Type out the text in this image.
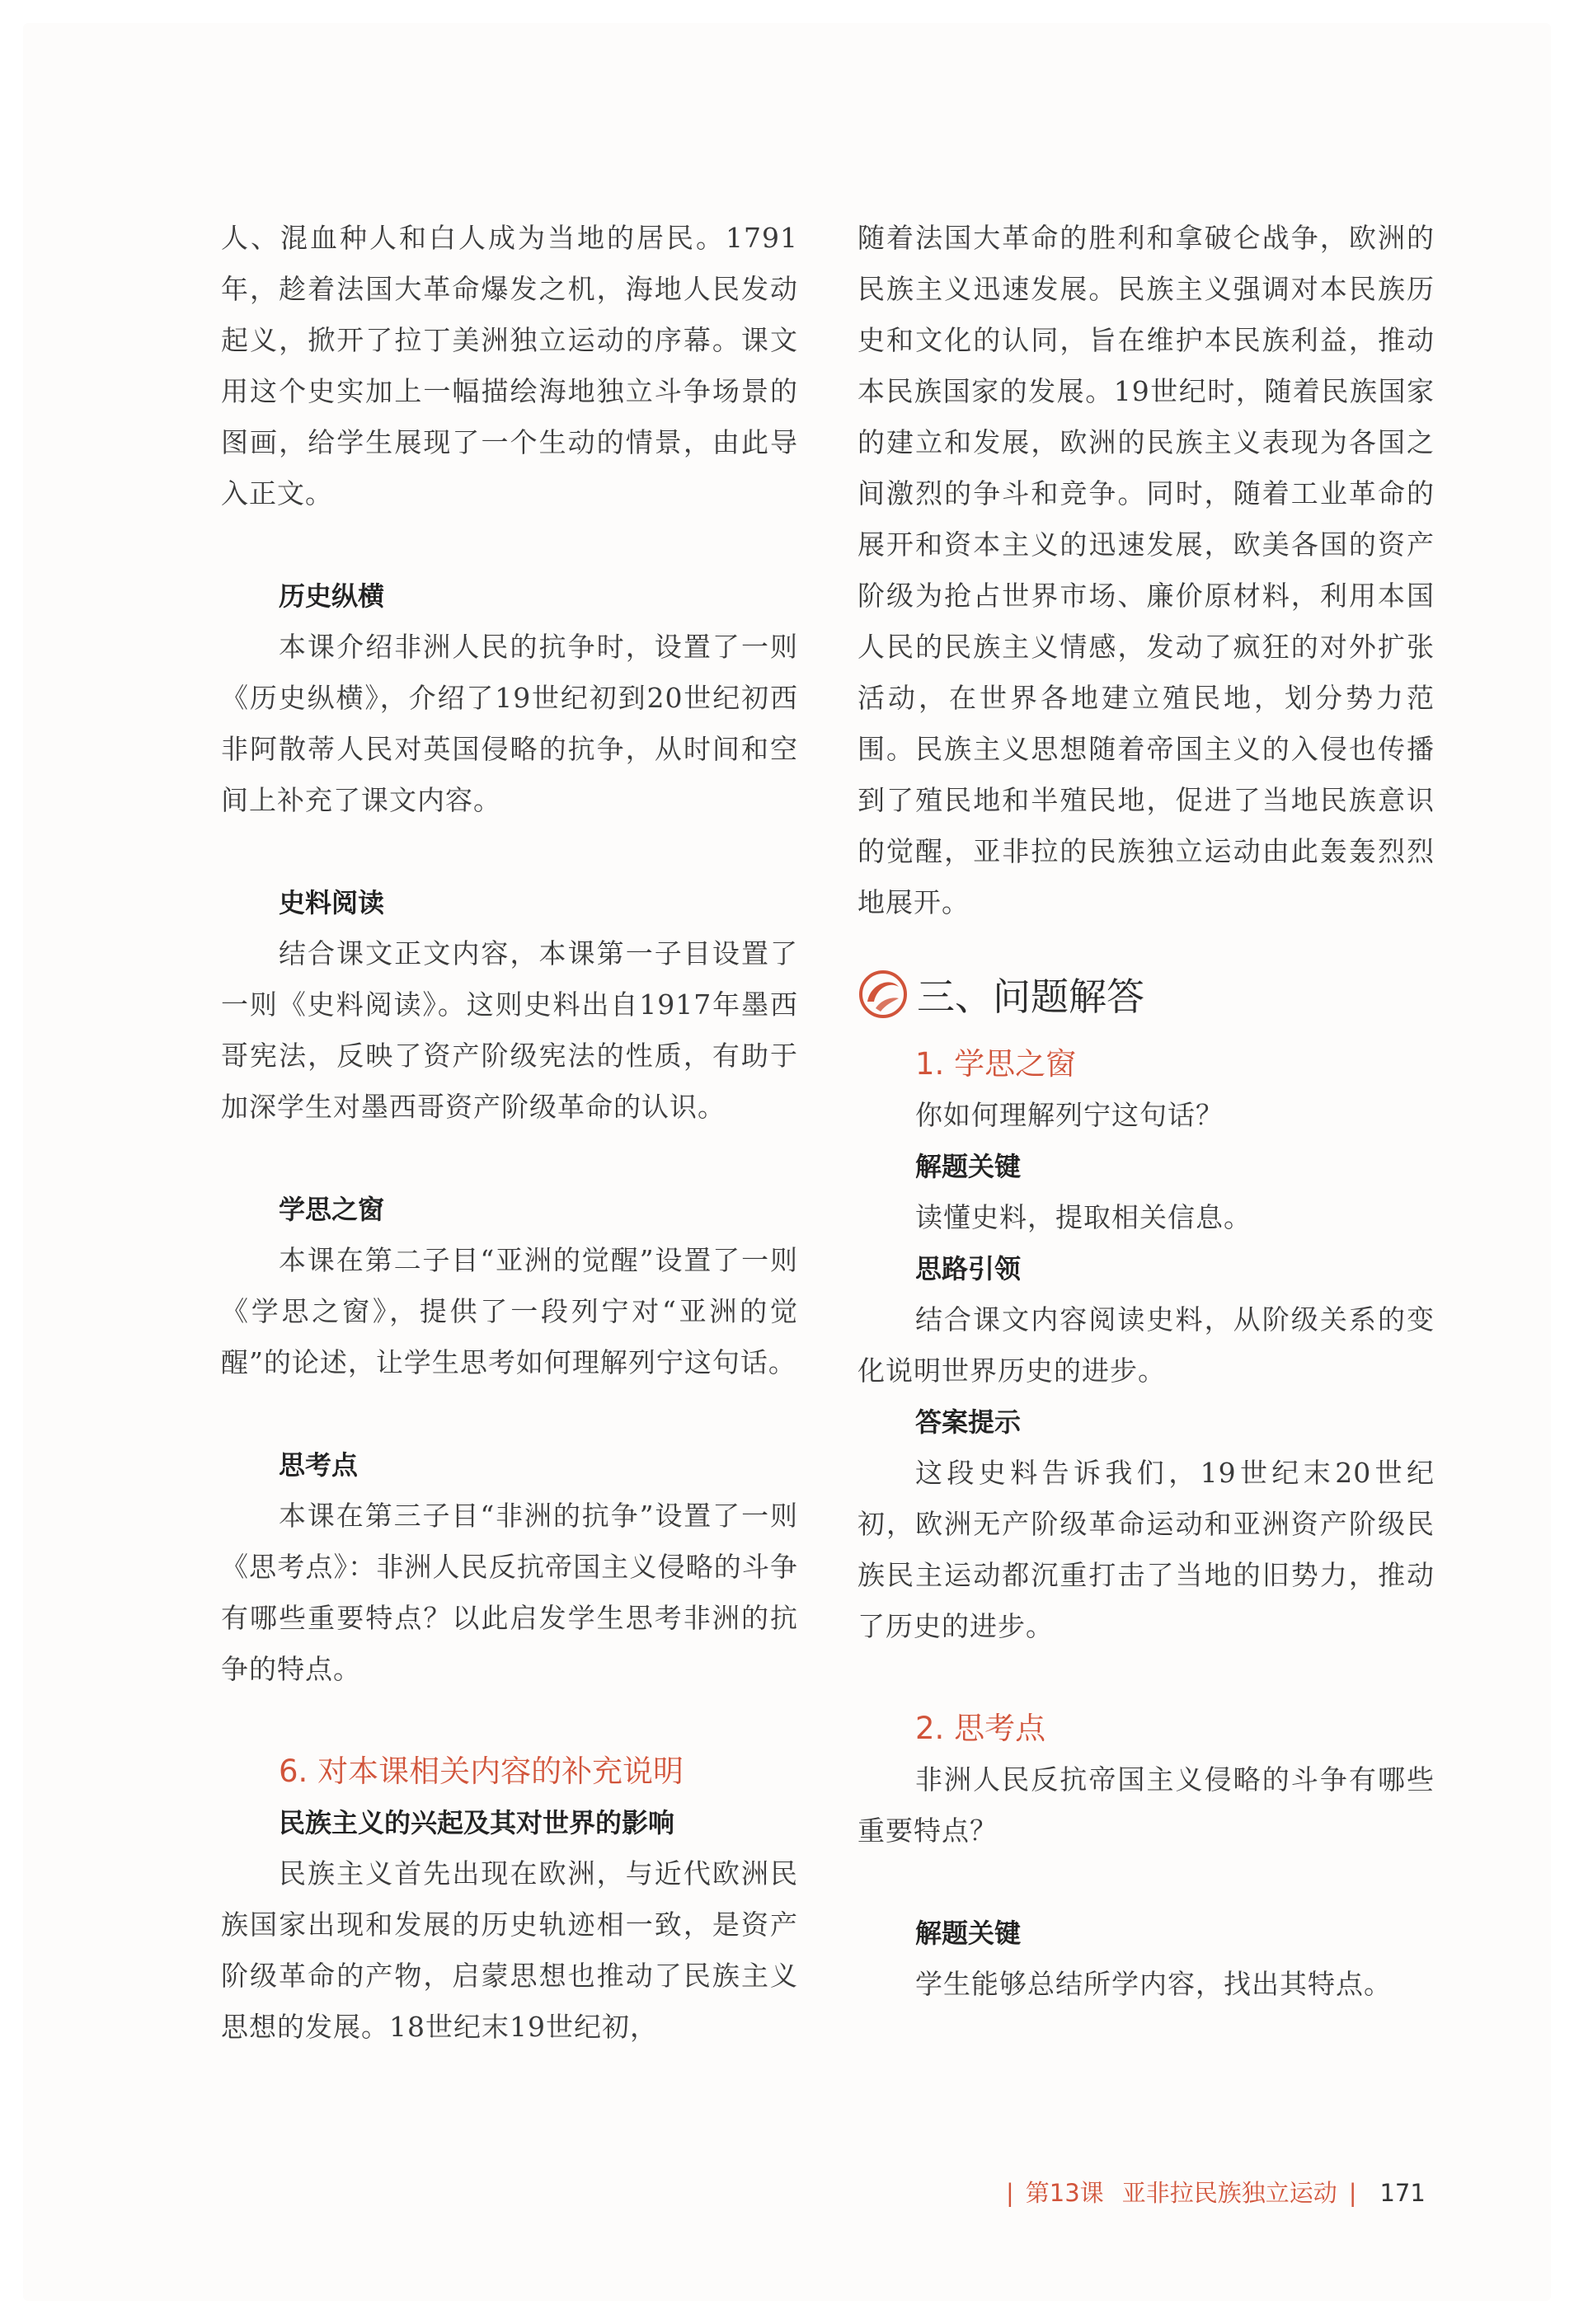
人、混血种人和白人成为当地的居民。1791年，趁着法国大革命爆发之机，海地人民发动起义，掀开了拉丁美洲独立运动的序幕。课文用这个史实加上一幅描绘海地独立斗争场景的图画，给学生展现了一个生动的情景，由此导入正文。

历史纵横

本课介绍非洲人民的抗争时，设置了一则《历史纵横》，介绍了19世纪初到20世纪初西非阿散蒂人民对英国侵略的抗争，从时间和空间上补充了课文内容。

史料阅读

结合课文正文内容，本课第一子目设置了一则《史料阅读》。这则史料出自1917年墨西哥宪法，反映了资产阶级宪法的性质，有助于加深学生对墨西哥资产阶级革命的认识。

学思之窗

本课在第二子目“亚洲的觉醒”设置了一则《学思之窗》，提供了一段列宁对“亚洲的觉醒”的论述，让学生思考如何理解列宁这句话。

思考点

本课在第三子目“非洲的抗争”设置了一则《思考点》：非洲人民反抗帝国主义侵略的斗争有哪些重要特点？以此启发学生思考非洲的抗争的特点。

6. 对本课相关内容的补充说明

民族主义的兴起及其对世界的影响

民族主义首先出现在欧洲，与近代欧洲民族国家出现和发展的历史轨迹相一致，是资产阶级革命的产物，启蒙思想也推动了民族主义思想的发展。18世纪末19世纪初，

随着法国大革命的胜利和拿破仑战争，欧洲的民族主义迅速发展。民族主义强调对本民族历史和文化的认同，旨在维护本民族利益，推动本民族国家的发展。19世纪时，随着民族国家的建立和发展，欧洲的民族主义表现为各国之间激烈的争斗和竞争。同时，随着工业革命的展开和资本主义的迅速发展，欧美各国的资产阶级为抢占世界市场、廉价原材料，利用本国人民的民族主义情感，发动了疯狂的对外扩张活动，在世界各地建立殖民地，划分势力范围。民族主义思想随着帝国主义的入侵也传播到了殖民地和半殖民地，促进了当地民族意识的觉醒，亚非拉的民族独立运动由此轰轰烈烈地展开。

三、问题解答

1. 学思之窗

你如何理解列宁这句话？

解题关键

读懂史料，提取相关信息。

思路引领

结合课文内容阅读史料，从阶级关系的变化说明世界历史的进步。

答案提示

这段史料告诉我们，19世纪末20世纪初，欧洲无产阶级革命运动和亚洲资产阶级民族民主运动都沉重打击了当地的旧势力，推动了历史的进步。

2. 思考点

非洲人民反抗帝国主义侵略的斗争有哪些重要特点？

解题关键

学生能够总结所学内容，找出其特点。

| 第13课 亚非拉民族独立运动 | 171
